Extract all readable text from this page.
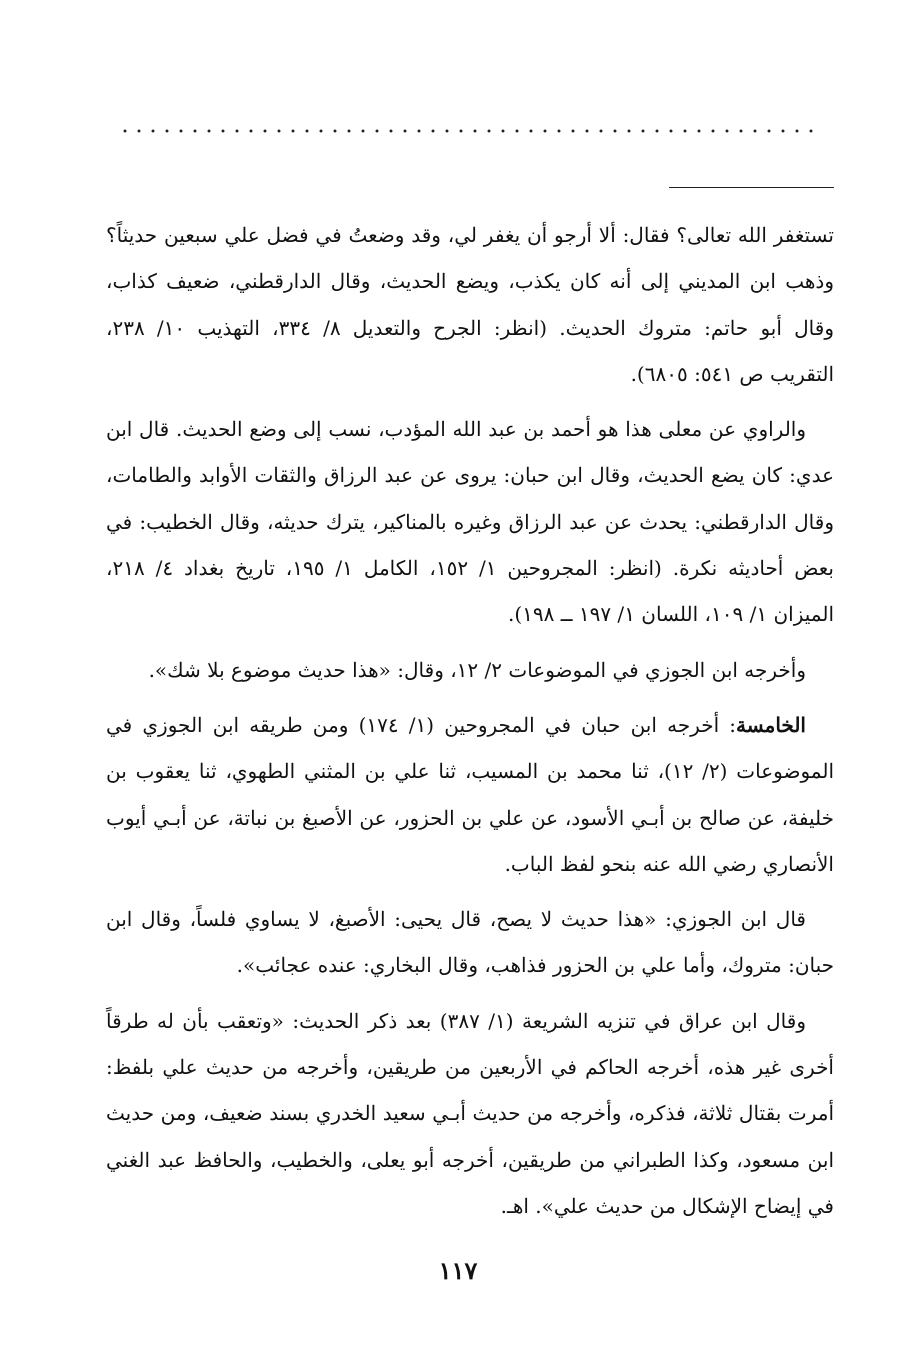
تستغفر الله تعالى؟ فقال: ألا أرجو أن يغفر لي، وقد وضعتُ في فضل علي سبعين حديثاً؟ وذهب ابن المديني إلى أنه كان يكذب، ويضع الحديث، وقال الدارقطني، ضعيف كذاب، وقال أبو حاتم: متروك الحديث. (انظر: الجرح والتعديل ٨/ ٣٣٤، التهذيب ١٠/ ٢٣٨، التقريب ص ٥٤١: ٦٨٠٥).

والراوي عن معلى هذا هو أحمد بن عبد الله المؤدب، نسب إلى وضع الحديث. قال ابن عدي: كان يضع الحديث، وقال ابن حبان: يروى عن عبد الرزاق والثقات الأوابد والطامات، وقال الدارقطني: يحدث عن عبد الرزاق وغيره بالمناكير، يترك حديثه، وقال الخطيب: في بعض أحاديثه نكرة. (انظر: المجروحين ١/ ١٥٢، الكامل ١/ ١٩٥، تاريخ بغداد ٤/ ٢١٨، الميزان ١/ ١٠٩، اللسان ١/ ١٩٧ ــ ١٩٨).

وأخرجه ابن الجوزي في الموضوعات ٢/ ١٢، وقال: «هذا حديث موضوع بلا شك».

الخامسة: أخرجه ابن حبان في المجروحين (١/ ١٧٤) ومن طريقه ابن الجوزي في الموضوعات (٢/ ١٢)، ثنا محمد بن المسيب، ثنا علي بن المثني الطهوي، ثنا يعقوب بن خليفة، عن صالح بن أبـي الأسود، عن علي بن الحزور، عن الأصبغ بن نباتة، عن أبـي أيوب الأنصاري رضي الله عنه بنحو لفظ الباب.

قال ابن الجوزي: «هذا حديث لا يصح، قال يحيى: الأصبغ، لا يساوي فلساً، وقال ابن حبان: متروك، وأما علي بن الحزور فذاهب، وقال البخاري: عنده عجائب».

وقال ابن عراق في تنزيه الشريعة (١/ ٣٨٧) بعد ذكر الحديث: «وتعقب بأن له طرقاً أخرى غير هذه، أخرجه الحاكم في الأربعين من طريقين، وأخرجه من حديث علي بلفظ: أمرت بقتال ثلاثة، فذكره، وأخرجه من حديث أبـي سعيد الخدري بسند ضعيف، ومن حديث ابن مسعود، وكذا الطبراني من طريقين، أخرجه أبو يعلى، والخطيب، والحافظ عبد الغني في إيضاح الإشكال من حديث علي». اهـ.

١١٧
